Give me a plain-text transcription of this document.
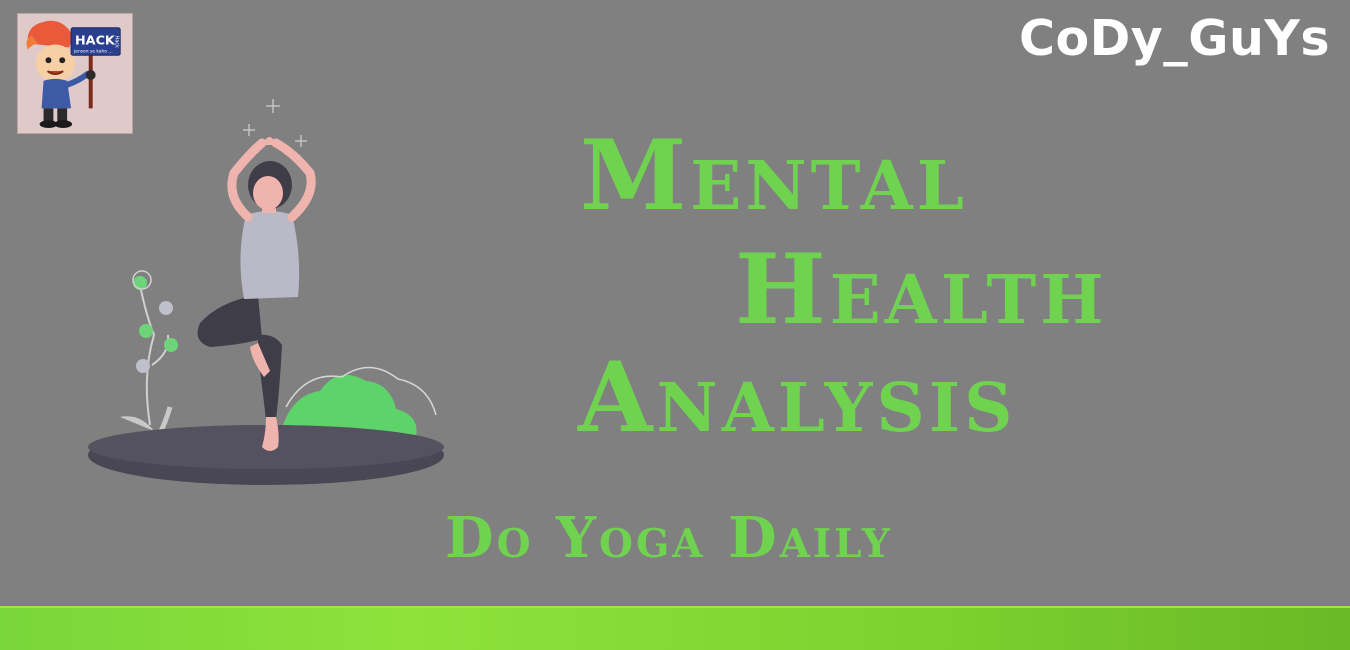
HACK
jenson se kaho ...
Hack	CoDy_GuYs
Mental
Health
Analysis
Do Yoga Daily
